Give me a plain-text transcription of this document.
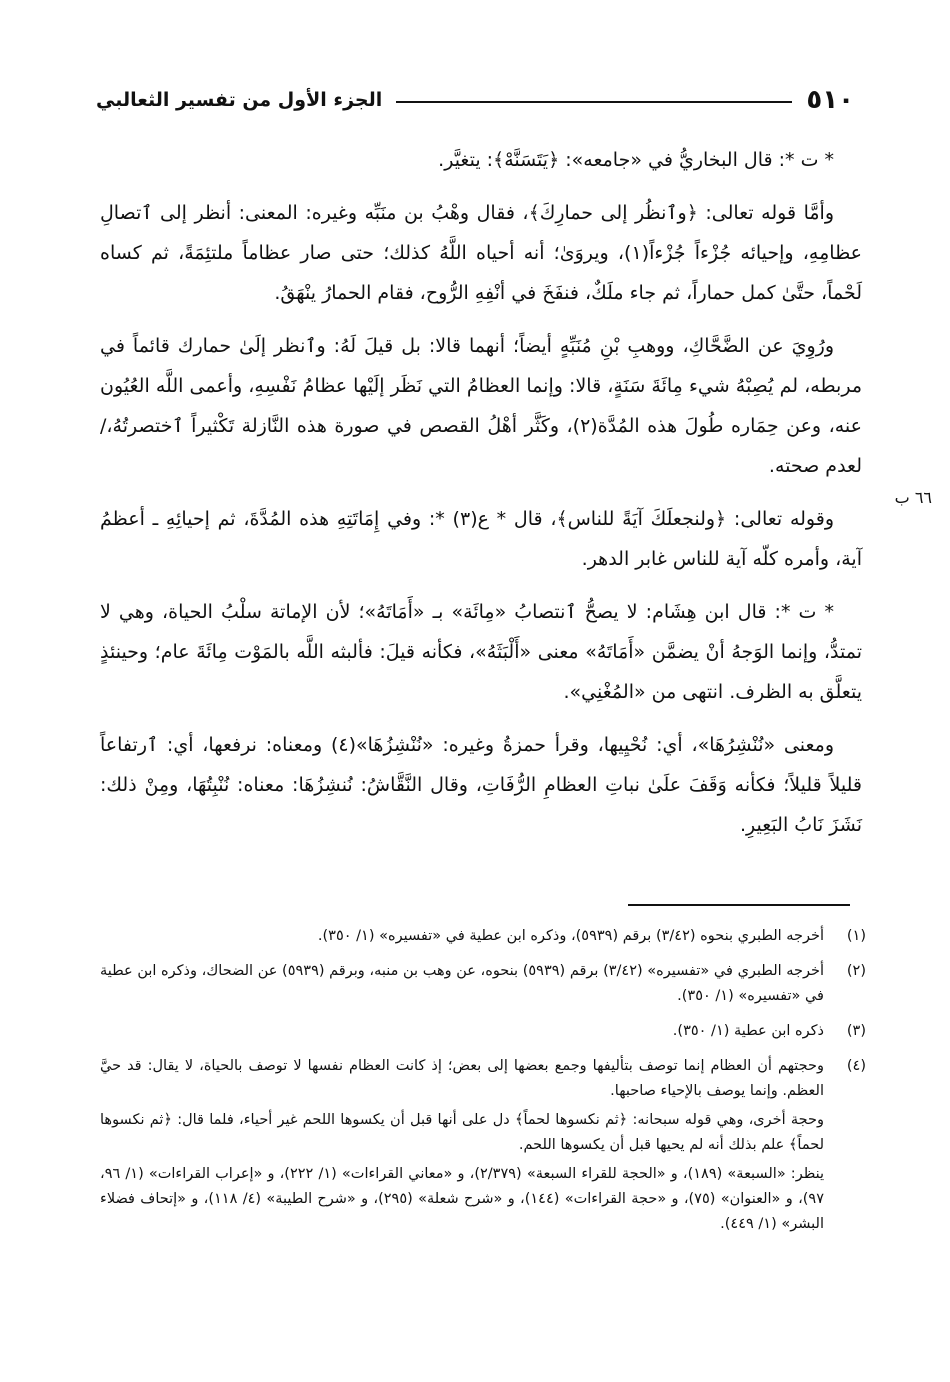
٥١٠
الجزء الأول من تفسير الثعالبي

* ت *: قال البخاريُّ في «جامعه»: ﴿يَتَسَنَّهْ﴾: يتغيَّر.

وأمَّا قوله تعالى: ﴿وٱنظُر إلى حمارِكَ﴾، فقال وهْبُ بن منَبِّه وغيره: المعنى: أنظر إلى ٱتصالِ عظامِهِ، وإحيائه جُزْءاً جُزْءاً(١)، ويروَىٰ؛ أنه أحياه اللَّهُ كذلك؛ حتى صار عظاماً ملتئِمَةً، ثم كساه لَحْماً، حتَّىٰ كمل حماراً، ثم جاء ملَكٌ، فنفَخَ في أنْفِهِ الرُّوح، فقام الحمارُ ينْهَقُ.

ورُوِيَ عن الضَّحَّاكِ، ووهبِ بْنِ مُنَبِّهٍ أيضاً؛ أنهما قالا: بل قيلَ لَهُ: وٱنظر إلَىٰ حمارك قائماً في مربطه، لم يُصِبْهُ شيء مِائَةَ سَنَةٍ، قالا: وإنما العظامُ التي نَظَر إلَيْها عظامُ نَفْسِهِ، وأعمى اللَّه العُيُون عنه، وعن حِمَاره طُولَ هذه المُدَّة(٢)، وكَثَّر أهْلُ القصص في صورة هذه النَّازلة تَكْثيراً ٱختصرتُهُ،/ لعدم صحته.

وقوله تعالى: ﴿ولنجعلَكَ آيَةً للناس﴾، قال * ع(٣) *: وفي إِمَاتَتِهِ هذه المُدَّةَ، ثم إحيائِهِ ـ أعظمُ آية، وأمره كلّه آية للناس غابر الدهر.

* ت *: قال ابن هِشَام: لا يصحُّ ٱنتصابُ «مِائَة» بـ «أَمَاتَهُ»؛ لأن الإماتة سلْبُ الحياة، وهي لا تمتدُّ، وإنما الوَجهُ أنْ يضمَّن «أَمَاتَهُ» معنى «أَلْبَثَهُ»، فكأنه قيلَ: فألبثه اللَّه بالمَوْت مِائَةَ عام؛ وحينئذٍ يتعلَّق به الظرف. انتهى من «المُغْنِي».

ومعنى «نُنْشِرُهَا»، أي: نُحْيِيها، وقرأ حمزةُ وغيره: «نُنْشِزُهَا»(٤) ومعناه: نرفعها، أي: ٱرتفاعاً قليلاً قليلاً؛ فكأنه وَقَفَ علَىٰ نباتِ العظامِ الرُّفَاتِ، وقال النَّقَّاشُ: نُنشِزُهَا: معناه: نُنْبِتُهَا، ومِنْ ذلك: نَشَزَ نَابُ البَعِيرِ.

٦٦ ب
(١)

أخرجه الطبري بنحوه (٣/٤٢) برقم (٥٩٣٩)، وذكره ابن عطية في «تفسيره» (١/ ٣٥٠).

(٢)

أخرجه الطبري في «تفسيره» (٣/٤٢) برقم (٥٩٣٩) بنحوه، عن وهب بن منبه، وبرقم (٥٩٣٩) عن الضحاك، وذكره ابن عطية في «تفسيره» (١/ ٣٥٠).

(٣)

ذكره ابن عطية (١/ ٣٥٠).

(٤)

وحجتهم أن العظام إنما توصف بتأليفها وجمع بعضها إلى بعض؛ إذ كانت العظام نفسها لا توصف بالحياة، لا يقال: قد حيَّ العظم. وإنما يوصف بالإحياء صاحبها.

وحجة أخرى، وهي قوله سبحانه: ﴿ثم نكسوها لحماً﴾ دل على أنها قبل أن يكسوها اللحم غير أحياء، فلما قال: ﴿ثم نكسوها لحماً﴾ علم بذلك أنه لم يحيها قبل أن يكسوها اللحم.

ينظر: «السبعة» (١٨٩)، و «الحجة للقراء السبعة» (٢/٣٧٩)، و «معاني القراءات» (١/ ٢٢٢)، و «إعراب القراءات» (١/ ٩٦، ٩٧)، و «العنوان» (٧٥)، و «حجة القراءات» (١٤٤)، و «شرح شعلة» (٢٩٥)، و «شرح الطيبة» (٤/ ١١٨)، و «إتحاف فضلاء البشر» (١/ ٤٤٩).
